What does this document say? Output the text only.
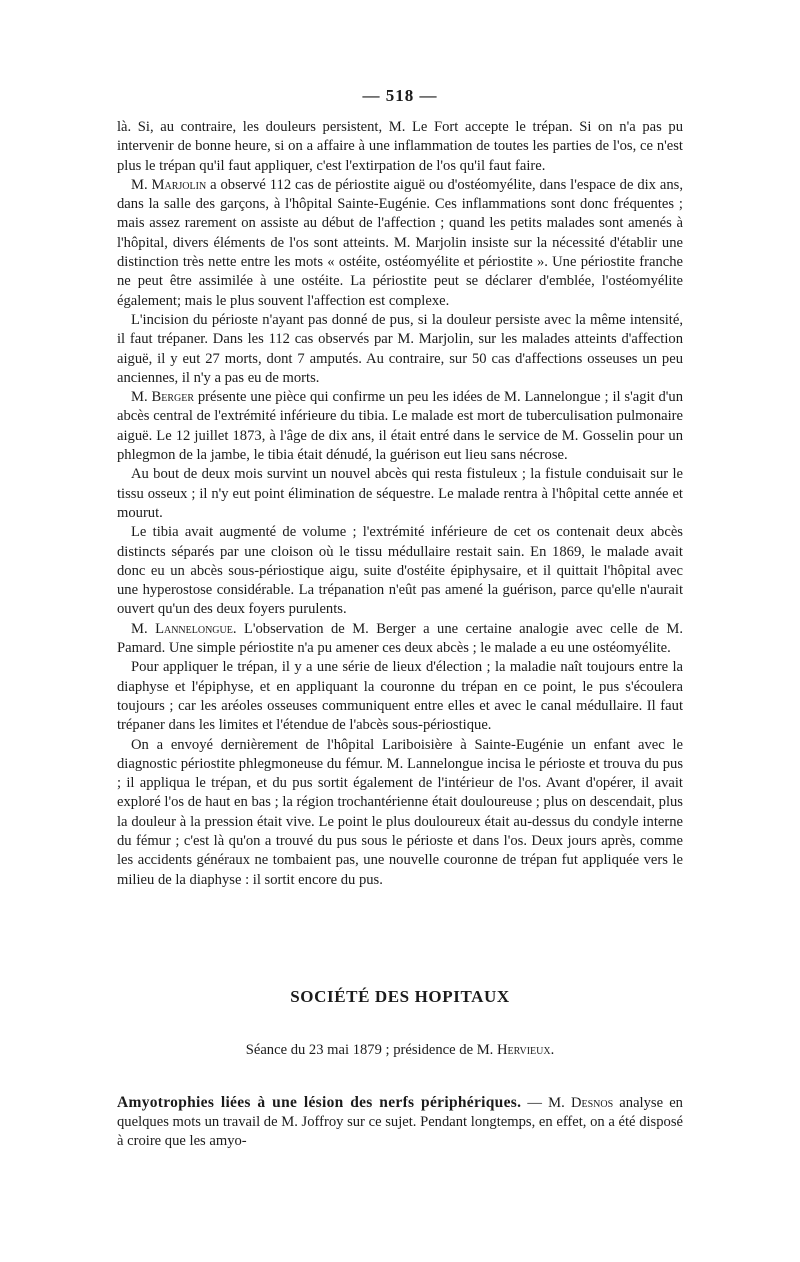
— 518 —

là. Si, au contraire, les douleurs persistent, M. Le Fort accepte le trépan. Si on n'a pas pu intervenir de bonne heure, si on a affaire à une inflammation de toutes les parties de l'os, ce n'est plus le trépan qu'il faut appliquer, c'est l'extirpation de l'os qu'il faut faire.

M. Marjolin a observé 112 cas de périostite aiguë ou d'ostéomyélite, dans l'espace de dix ans, dans la salle des garçons, à l'hôpital Sainte-Eugénie. Ces inflammations sont donc fréquentes ; mais assez rarement on assiste au début de l'affection ; quand les petits malades sont amenés à l'hôpital, divers éléments de l'os sont atteints. M. Marjolin insiste sur la nécessité d'établir une distinction très nette entre les mots « ostéite, ostéomyélite et périostite ». Une périostite franche ne peut être assimilée à une ostéite. La périostite peut se déclarer d'emblée, l'ostéomyélite également; mais le plus souvent l'affection est complexe.

L'incision du périoste n'ayant pas donné de pus, si la douleur persiste avec la même intensité, il faut trépaner. Dans les 112 cas observés par M. Marjolin, sur les malades atteints d'affection aiguë, il y eut 27 morts, dont 7 amputés. Au contraire, sur 50 cas d'affections osseuses un peu anciennes, il n'y a pas eu de morts.

M. Berger présente une pièce qui confirme un peu les idées de M. Lannelongue ; il s'agit d'un abcès central de l'extrémité inférieure du tibia. Le malade est mort de tuberculisation pulmonaire aiguë. Le 12 juillet 1873, à l'âge de dix ans, il était entré dans le service de M. Gosselin pour un phlegmon de la jambe, le tibia était dénudé, la guérison eut lieu sans nécrose.

Au bout de deux mois survint un nouvel abcès qui resta fistuleux ; la fistule conduisait sur le tissu osseux ; il n'y eut point élimination de séquestre. Le malade rentra à l'hôpital cette année et mourut.

Le tibia avait augmenté de volume ; l'extrémité inférieure de cet os contenait deux abcès distincts séparés par une cloison où le tissu médullaire restait sain. En 1869, le malade avait donc eu un abcès sous-périostique aigu, suite d'ostéite épiphysaire, et il quittait l'hôpital avec une hyperostose considérable. La trépanation n'eût pas amené la guérison, parce qu'elle n'aurait ouvert qu'un des deux foyers purulents.

M. Lannelongue. L'observation de M. Berger a une certaine analogie avec celle de M. Pamard. Une simple périostite n'a pu amener ces deux abcès ; le malade a eu une ostéomyélite.

Pour appliquer le trépan, il y a une série de lieux d'élection ; la maladie naît toujours entre la diaphyse et l'épiphyse, et en appliquant la couronne du trépan en ce point, le pus s'écoulera toujours ; car les aréoles osseuses communiquent entre elles et avec le canal médullaire. Il faut trépaner dans les limites et l'étendue de l'abcès sous-périostique.

On a envoyé dernièrement de l'hôpital Lariboisière à Sainte-Eugénie un enfant avec le diagnostic périostite phlegmoneuse du fémur. M. Lannelongue incisa le périoste et trouva du pus ; il appliqua le trépan, et du pus sortit également de l'intérieur de l'os. Avant d'opérer, il avait exploré l'os de haut en bas ; la région trochantérienne était douloureuse ; plus on descendait, plus la douleur à la pression était vive. Le point le plus douloureux était au-dessus du condyle interne du fémur ; c'est là qu'on a trouvé du pus sous le périoste et dans l'os. Deux jours après, comme les accidents généraux ne tombaient pas, une nouvelle couronne de trépan fut appliquée vers le milieu de la diaphyse : il sortit encore du pus.

SOCIÉTÉ DES HOPITAUX
Séance du 23 mai 1879 ; présidence de M. Hervieux.

Amyotrophies liées à une lésion des nerfs périphériques. — M. Desnos analyse en quelques mots un travail de M. Joffroy sur ce sujet. Pendant longtemps, en effet, on a été disposé à croire que les amyo-
